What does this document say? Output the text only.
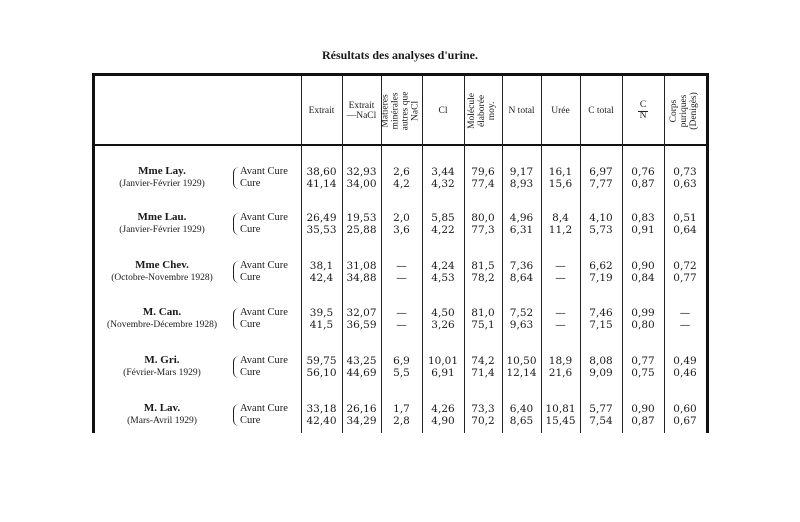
Résultats des analyses d'urine.
Extrait Extrait
—NaCl Matières minérales autres que NaCl Cl Molécule élaborée moy. N total Urée C total $\frac{C}{N}$ Corps puriques (Denigès)
Mme Lay.
(Janvier-Février 1929)
Avant Cure
Cure
38,60
41,14
32,93
34,00
2,6
4,2
3,44
4,32
79,6
77,4
9,17
8,93
16,1
15,6
6,97
7,77
0,76
0,87
0,73
0,63
Mme Lau.
(Janvier-Février 1929)
Avant Cure
Cure
26,49
35,53
19,53
25,88
2,0
3,6
5,85
4,22
80,0
77,3
4,96
6,31
8,4
11,2
4,10
5,73
0,83
0,91
0,51
0,64
Mme Chev.
(Octobre-Novembre 1928)
Avant Cure
Cure
38,1
42,4
31,08
34,88
—
—
4,24
4,53
81,5
78,2
7,36
8,64
—
—
6,62
7,19
0,90
0,84
0,72
0,77
M. Can.
(Novembre-Décembre 1928)
Avant Cure
Cure
39,5
41,5
32,07
36,59
—
—
4,50
3,26
81,0
75,1
7,52
9,63
—
—
7,46
7,15
0,99
0,80
—
—
M. Gri.
(Février-Mars 1929)
Avant Cure
Cure
59,75
56,10
43,25
44,69
6,9
5,5
10,01
6,91
74,2
71,4
10,50
12,14
18,9
21,6
8,08
9,09
0,77
0,75
0,49
0,46
M. Lav.
(Mars-Avril 1929)
Avant Cure
Cure
33,18
42,40
26,16
34,29
1,7
2,8
4,26
4,90
73,3
70,2
6,40
8,65
10,81
15,45
5,77
7,54
0,90
0,87
0,60
0,67
